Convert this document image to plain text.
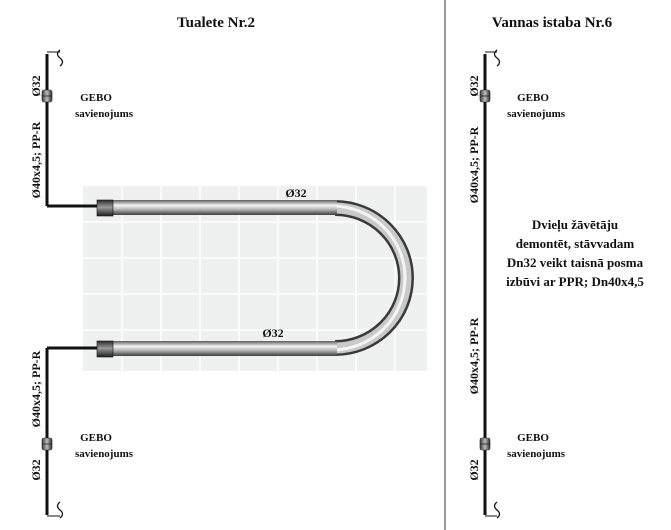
Tualete Nr.2
Ø32
Ø40x4,5; PP-R
Ø40x4,5; PP-R
Ø32
GEBO
savienojums
GEBO
savienojums
Ø32
Ø32
Vannas istaba Nr.6
Ø32
Ø40x4,5; PP-R
Ø40x4,5; PP-R
Ø32
GEBO
savienojums
GEBO
savienojums
Dvieļu žāvētāju
demontēt, stāvvadam
Dn32 veikt taisnā posma
izbūvi ar PPR; Dn40x4,5
